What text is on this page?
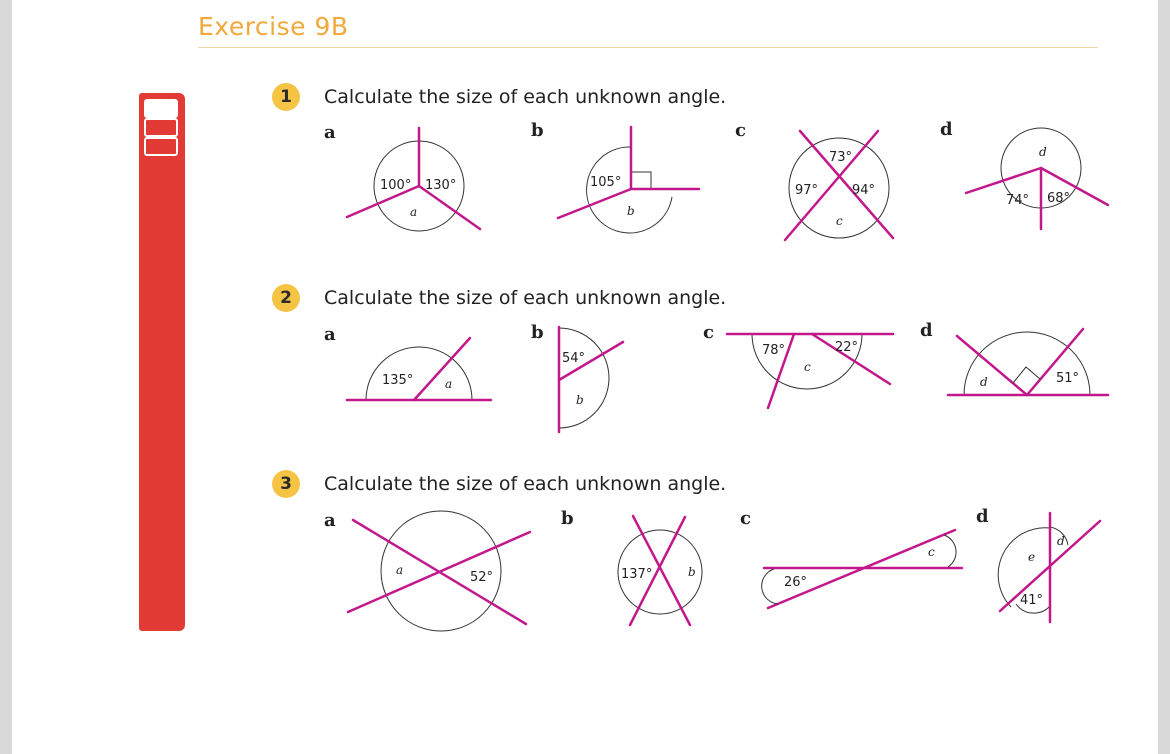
Exercise 9B
1	Calculate the size of each unknown angle.
a	b	c	d
2	Calculate the size of each unknown angle.
a	b	c	d
3	Calculate the size of each unknown angle.
a	b	c	d
100° 130°
a
105°
b
73°
97°	94°
c
d
74° 68°
135°	a
54°
b
78°	22°
c
d	51°
a	52°	137°	b
26°
c
d
e
41°
